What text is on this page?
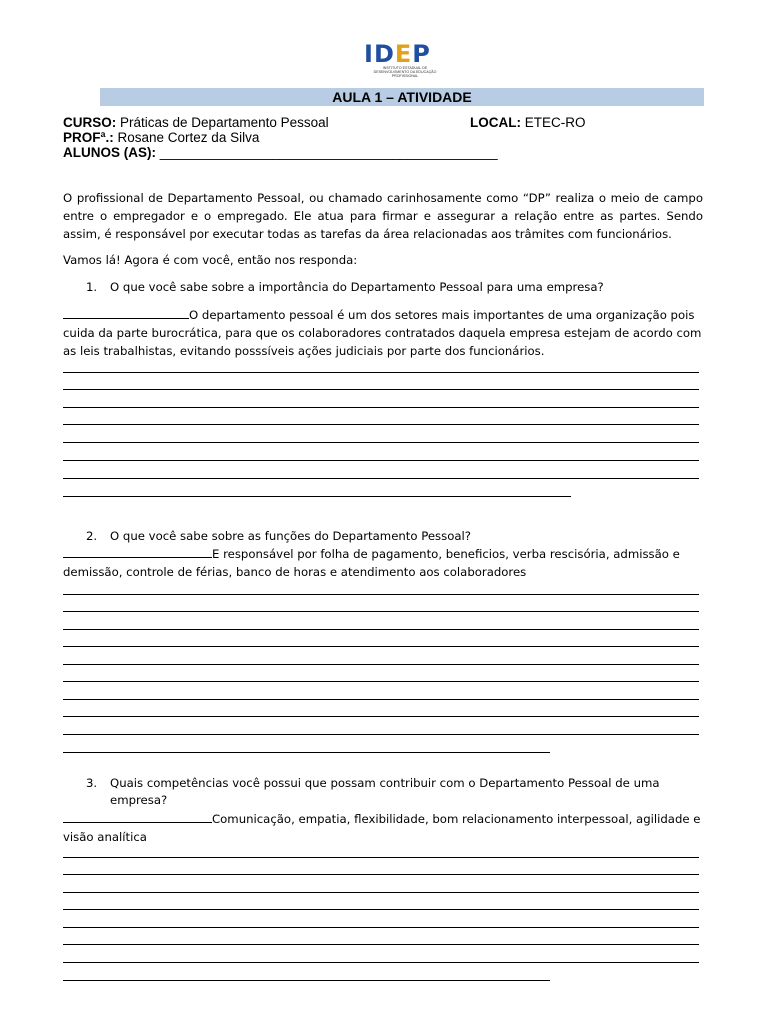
IDEP
INSTITUTO ESTADUAL DE DESENVOLVIMENTO DA EDUCAÇÃO PROFISSIONAL
AULA 1 – ATIVIDADE
CURSO: Práticas de Departamento Pessoal	LOCAL: ETEC-RO
PROFª.: Rosane Cortez da Silva
ALUNOS (AS): _____________________________________________
O profissional de Departamento Pessoal, ou chamado carinhosamente como “DP” realiza o meio de campo entre o empregador e o empregado. Ele atua para firmar e assegurar a relação entre as partes. Sendo assim, é responsável por executar todas as tarefas da área relacionadas aos trâmites com funcionários.
Vamos lá! Agora é com você, então nos responda:
1. O que você sabe sobre a importância do Departamento Pessoal para uma empresa?
O departamento pessoal é um dos setores mais importantes de uma organização pois cuida da parte burocrática, para que os colaboradores contratados daquela empresa estejam de acordo com as leis trabalhistas, evitando posssíveis ações judiciais por parte dos funcionários.
2. O que você sabe sobre as funções do Departamento Pessoal?
E responsável por folha de pagamento, beneficios, verba rescisória, admissão e demissão, controle de férias, banco de horas e atendimento aos colaboradores
3. Quais competências você possui que possam contribuir com o Departamento Pessoal de uma
empresa?
Comunicação, empatia, flexibilidade, bom relacionamento interpessoal, agilidade e visão analítica
